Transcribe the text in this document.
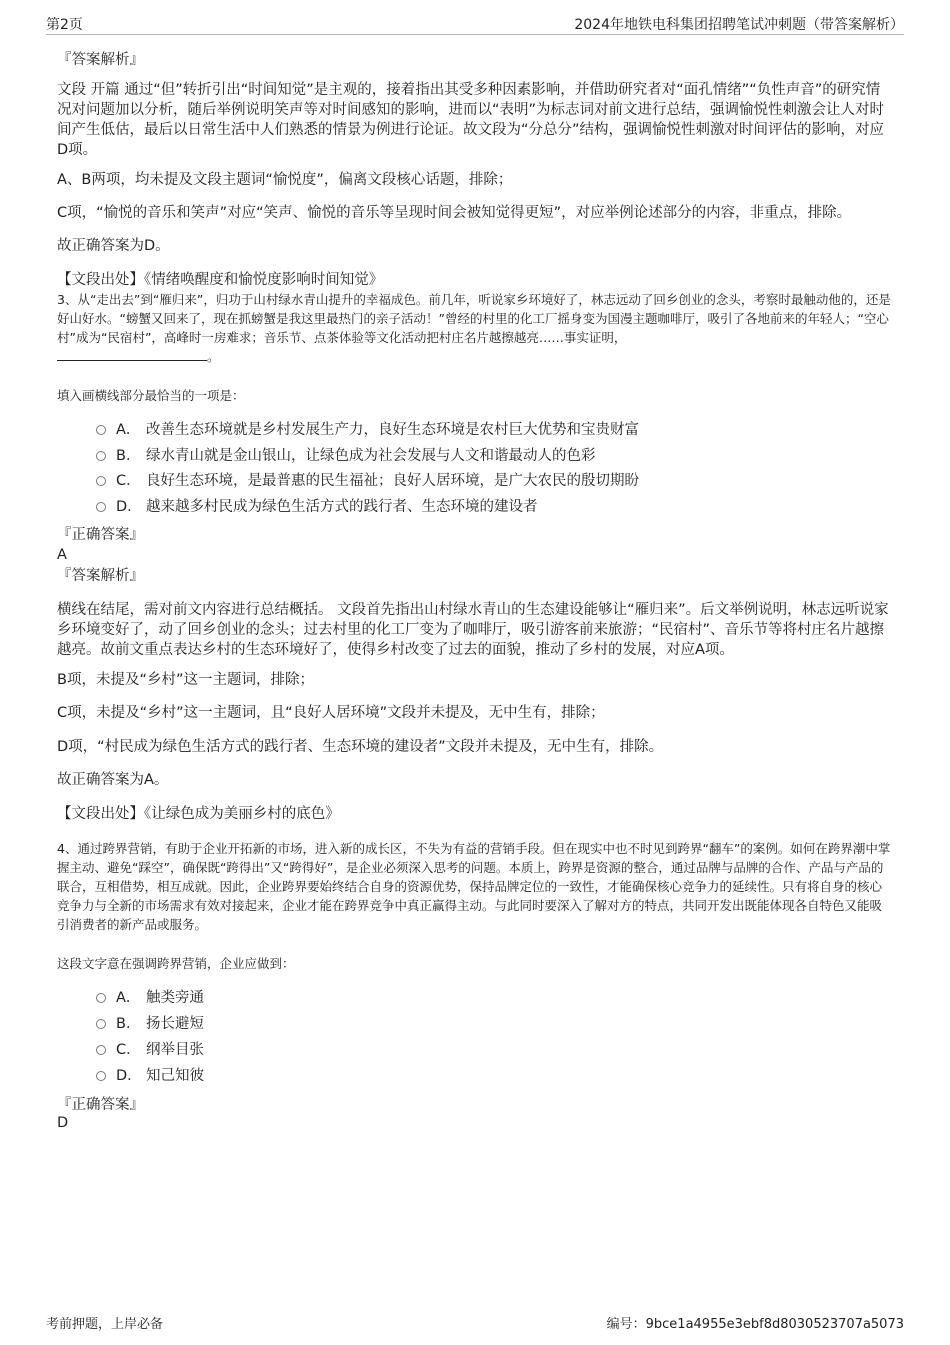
第2页	2024年地铁电科集团招聘笔试冲刺题（带答案解析）
『答案解析』

文段 开篇 通过“但”转折引出“时间知觉”是主观的，接着指出其受多种因素影响，并借助研究者对“面孔情绪”“负性声音”的研究情况对问题加以分析，随后举例说明笑声等对时间感知的影响，进而以“表明”为标志词对前文进行总结，强调愉悦性刺激会让人对时间产生低估，最后以日常生活中人们熟悉的情景为例进行论证。故文段为“分总分”结构，强调愉悦性刺激对时间评估的影响，对应D项。

A、B两项，均未提及文段主题词“愉悦度”，偏离文段核心话题，排除；

C项，“愉悦的音乐和笑声”对应“笑声、愉悦的音乐等呈现时间会被知觉得更短”，对应举例论述部分的内容，非重点，排除。

故正确答案为D。

【文段出处】《情绪唤醒度和愉悦度影响时间知觉》

3、从“走出去”到“雁归来”，归功于山村绿水青山提升的幸福成色。前几年，听说家乡环境好了，林志远动了回乡创业的念头，考察时最触动他的，还是好山好水。“螃蟹又回来了，现在抓螃蟹是我这里最热门的亲子活动！”曾经的村里的化工厂摇身变为国漫主题咖啡厅，吸引了各地前来的年轻人；“空心村”成为“民宿村”，高峰时一房难求；音乐节、点茶体验等文化活动把村庄名片越擦越亮……事实证明，
。

填入画横线部分最恰当的一项是：

A． 改善生态环境就是乡村发展生产力，良好生态环境是农村巨大优势和宝贵财富
B． 绿水青山就是金山银山，让绿色成为社会发展与人文和谐最动人的色彩
C． 良好生态环境，是最普惠的民生福祉；良好人居环境，是广大农民的殷切期盼
D． 越来越多村民成为绿色生活方式的践行者、生态环境的建设者
『正确答案』
A
『答案解析』

横线在结尾，需对前文内容进行总结概括。 文段首先指出山村绿水青山的生态建设能够让“雁归来”。后文举例说明，林志远听说家乡环境变好了，动了回乡创业的念头；过去村里的化工厂变为了咖啡厅，吸引游客前来旅游；“民宿村”、音乐节等将村庄名片越擦越亮。故前文重点表达乡村的生态环境好了，使得乡村改变了过去的面貌，推动了乡村的发展，对应A项。

B项，未提及“乡村”这一主题词，排除；

C项，未提及“乡村”这一主题词，且“良好人居环境”文段并未提及，无中生有，排除；

D项，“村民成为绿色生活方式的践行者、生态环境的建设者”文段并未提及，无中生有，排除。

故正确答案为A。

【文段出处】《让绿色成为美丽乡村的底色》

4、通过跨界营销，有助于企业开拓新的市场，进入新的成长区，不失为有益的营销手段。但在现实中也不时见到跨界“翻车”的案例。如何在跨界潮中掌握主动、避免“踩空”，确保既“跨得出”又“跨得好”，是企业必须深入思考的问题。本质上，跨界是资源的整合，通过品牌与品牌的合作、产品与产品的联合，互相借势，相互成就。因此，企业跨界要始终结合自身的资源优势，保持品牌定位的一致性，才能确保核心竞争力的延续性。只有将自身的核心竞争力与全新的市场需求有效对接起来，企业才能在跨界竞争中真正赢得主动。与此同时要深入了解对方的特点，共同开发出既能体现各自特色又能吸引消费者的新产品或服务。

这段文字意在强调跨界营销，企业应做到：

A． 触类旁通
B． 扬长避短
C． 纲举目张
D． 知己知彼
『正确答案』
D
考前押题，上岸必备	编号：9bce1a4955e3ebf8d8030523707a5073
